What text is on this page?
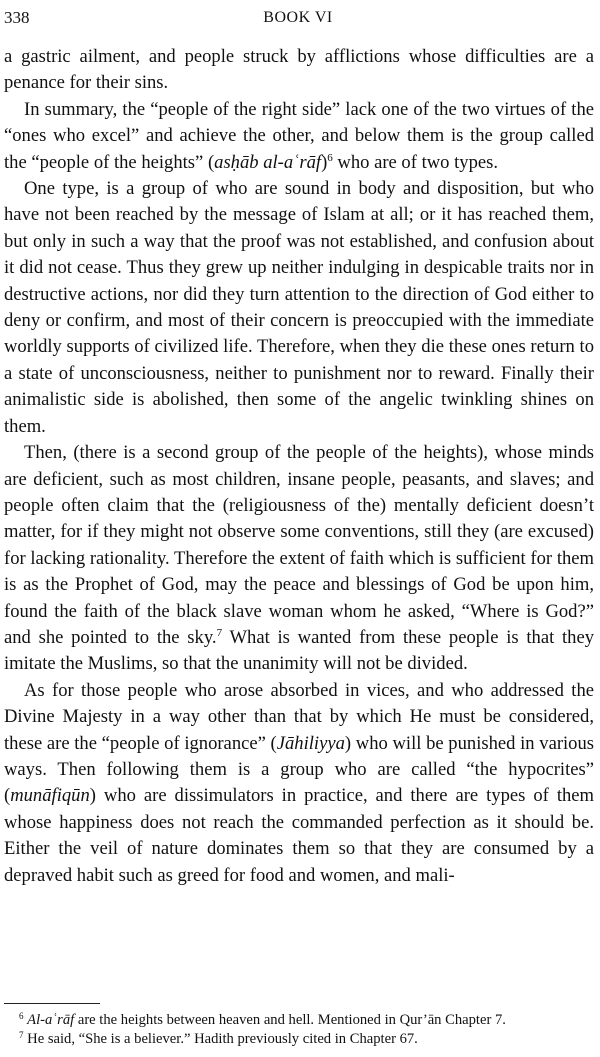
338	BOOK VI

a gastric ailment, and people struck by afflictions whose difficulties are a penance for their sins.

In summary, the “people of the right side” lack one of the two virtues of the “ones who excel” and achieve the other, and below them is the group called the “people of the heights” (asḥāb al-aʿrāf)$^6$ who are of two types.

One type, is a group of who are sound in body and disposition, but who have not been reached by the message of Islam at all; or it has reached them, but only in such a way that the proof was not established, and confusion about it did not cease. Thus they grew up neither indulging in despicable traits nor in destructive actions, nor did they turn attention to the direction of God either to deny or confirm, and most of their concern is preoccupied with the immediate worldly supports of civilized life. Therefore, when they die these ones return to a state of unconsciousness, neither to punishment nor to reward. Finally their animalistic side is abolished, then some of the angelic twinkling shines on them.

Then, (there is a second group of the people of the heights), whose minds are deficient, such as most children, insane people, peasants, and slaves; and people often claim that the (religiousness of the) mentally deficient doesn’t matter, for if they might not observe some conventions, still they (are excused) for lacking rationality. Therefore the extent of faith which is sufficient for them is as the Prophet of God, may the peace and blessings of God be upon him, found the faith of the black slave woman whom he asked, “Where is God?” and she pointed to the sky.$^7$ What is wanted from these people is that they imitate the Muslims, so that the unanimity will not be divided.

As for those people who arose absorbed in vices, and who addressed the Divine Majesty in a way other than that by which He must be considered, these are the “people of ignorance” (Jāhiliyya) who will be punished in various ways. Then following them is a group who are called “the hypocrites” (munāfiqūn) who are dissimulators in practice, and there are types of them whose happiness does not reach the commanded perfection as it should be. Either the veil of nature dominates them so that they are consumed by a depraved habit such as greed for food and women, and mali-

$^6$ Al-aʿrāf are the heights between heaven and hell. Mentioned in Qur’ān Chapter 7.

$^7$ He said, “She is a believer.” Hadith previously cited in Chapter 67.
